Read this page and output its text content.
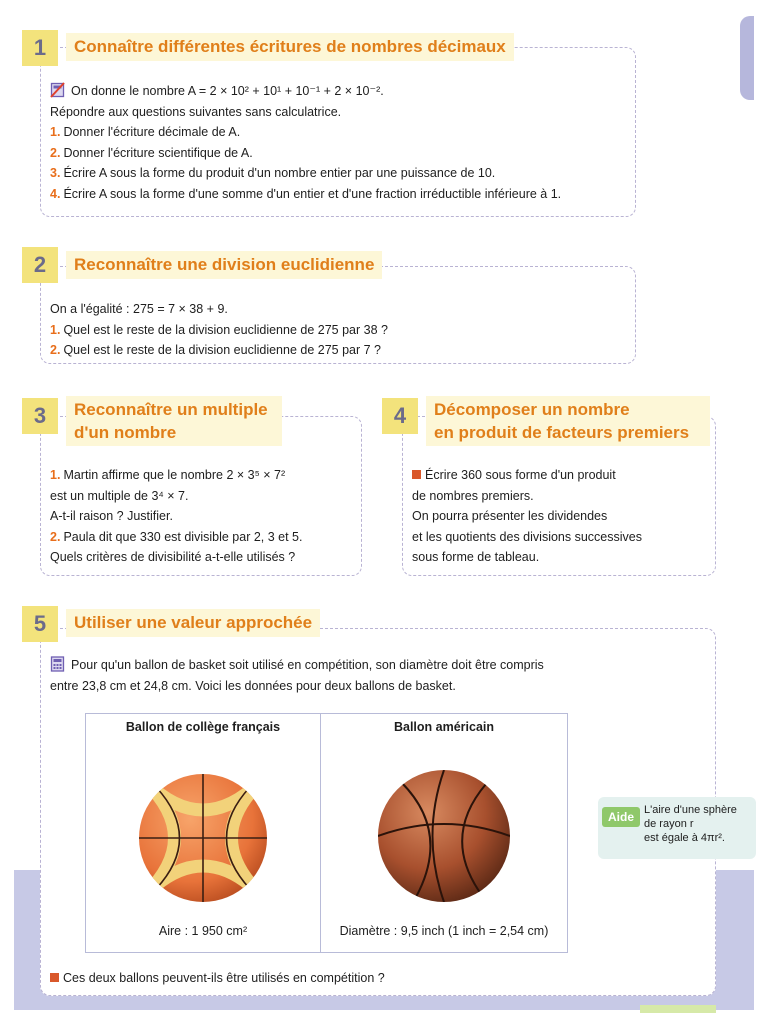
1	Connaître différentes écritures de nombres décimaux

On donne le nombre A = 2 × 10² + 10¹ + 10⁻¹ + 2 × 10⁻².

Répondre aux questions suivantes sans calculatrice.

1. Donner l'écriture décimale de A.

2. Donner l'écriture scientifique de A.

3. Écrire A sous la forme du produit d'un nombre entier par une puissance de 10.

4. Écrire A sous la forme d'une somme d'un entier et d'une fraction irréductible inférieure à 1.

2	Reconnaître une division euclidienne

On a l'égalité : 275 = 7 × 38 + 9.

1. Quel est le reste de la division euclidienne de 275 par 38 ?

2. Quel est le reste de la division euclidienne de 275 par 7 ?

3	Reconnaître un multiple
d'un nombre

1. Martin affirme que le nombre 2 × 3⁵ × 7²

est un multiple de 3⁴ × 7.

A-t-il raison ? Justifier.

2. Paula dit que 330 est divisible par 2, 3 et 5.

Quels critères de divisibilité a-t-elle utilisés ?

4	Décomposer un nombre
en produit de facteurs premiers

Écrire 360 sous forme d'un produit

de nombres premiers.

On pourra présenter les dividendes

et les quotients des divisions successives

sous forme de tableau.

5	Utiliser une valeur approchée

Pour qu'un ballon de basket soit utilisé en compétition, son diamètre doit être compris

entre 23,8 cm et 24,8 cm. Voici les données pour deux ballons de basket.

Ballon de collège français
Aire : 1 950 cm²

Ballon américain
Diamètre : 9,5 inch (1 inch = 2,54 cm)
Aide L'aire d'une sphère

de rayon r

est égale à 4πr².

Ces deux ballons peuvent-ils être utilisés en compétition ?
